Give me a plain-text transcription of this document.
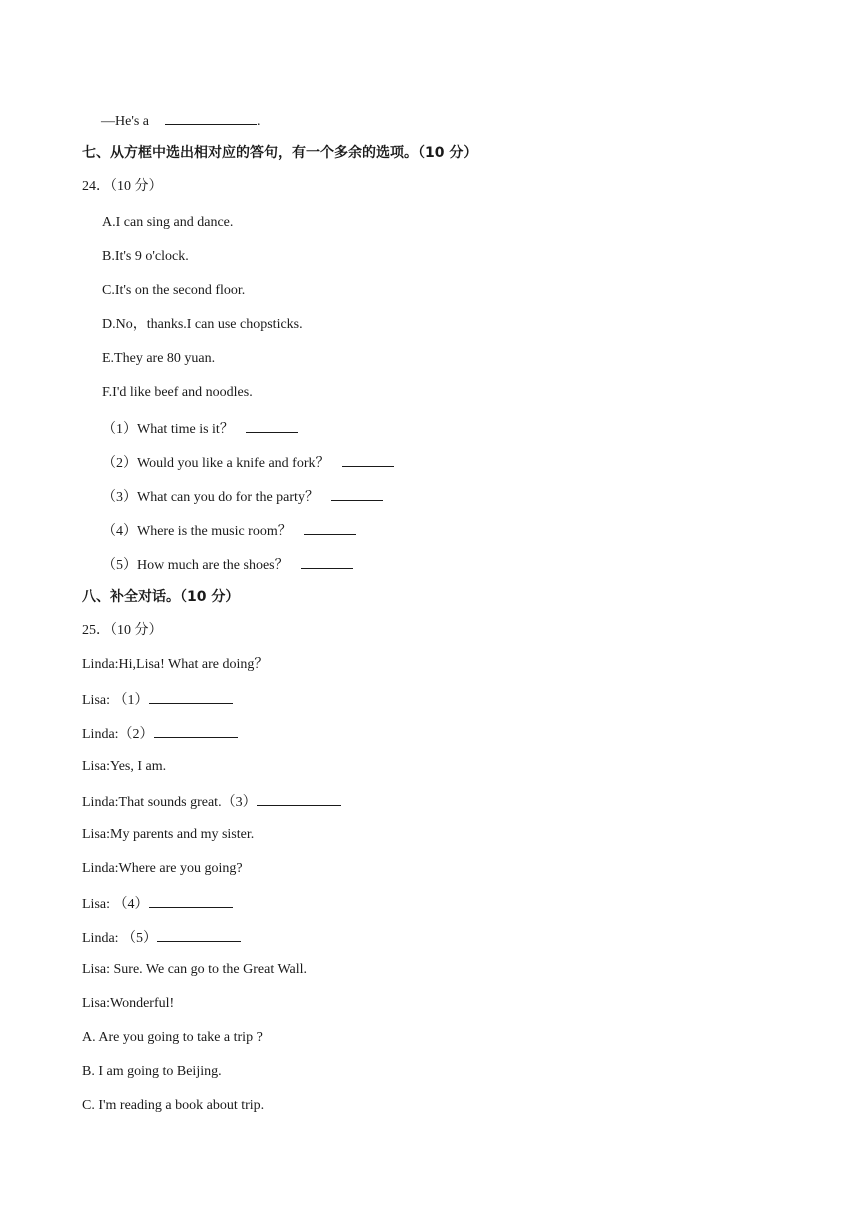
—He's a	.
七、从方框中选出相对应的答句，有一个多余的选项。（10 分）
24．（10 分）
A.I can sing and dance.
B.It's 9 o'clock.
C.It's on the second floor.
D.No，thanks.I can use chopsticks.
E.They are 80 yuan.
F.I'd like beef and noodles.
（1）What time is it？
（2）Would you like a knife and fork？
（3）What can you do for the party？
（4）Where is the music room？
（5）How much are the shoes？
八、补全对话。（10 分）
25．（10 分）
Linda:Hi,Lisa! What are doing？
Lisa: （1）
Linda:（2）
Lisa:Yes, I am.
Linda:That sounds great.（3）
Lisa:My parents and my sister.
Linda:Where are you going?
Lisa: （4）
Linda: （5）
Lisa: Sure. We can go to the Great Wall.
Lisa:Wonderful!
A. Are you going to take a trip ?
B. I am going to Beijing.
C. I'm reading a book about trip.
